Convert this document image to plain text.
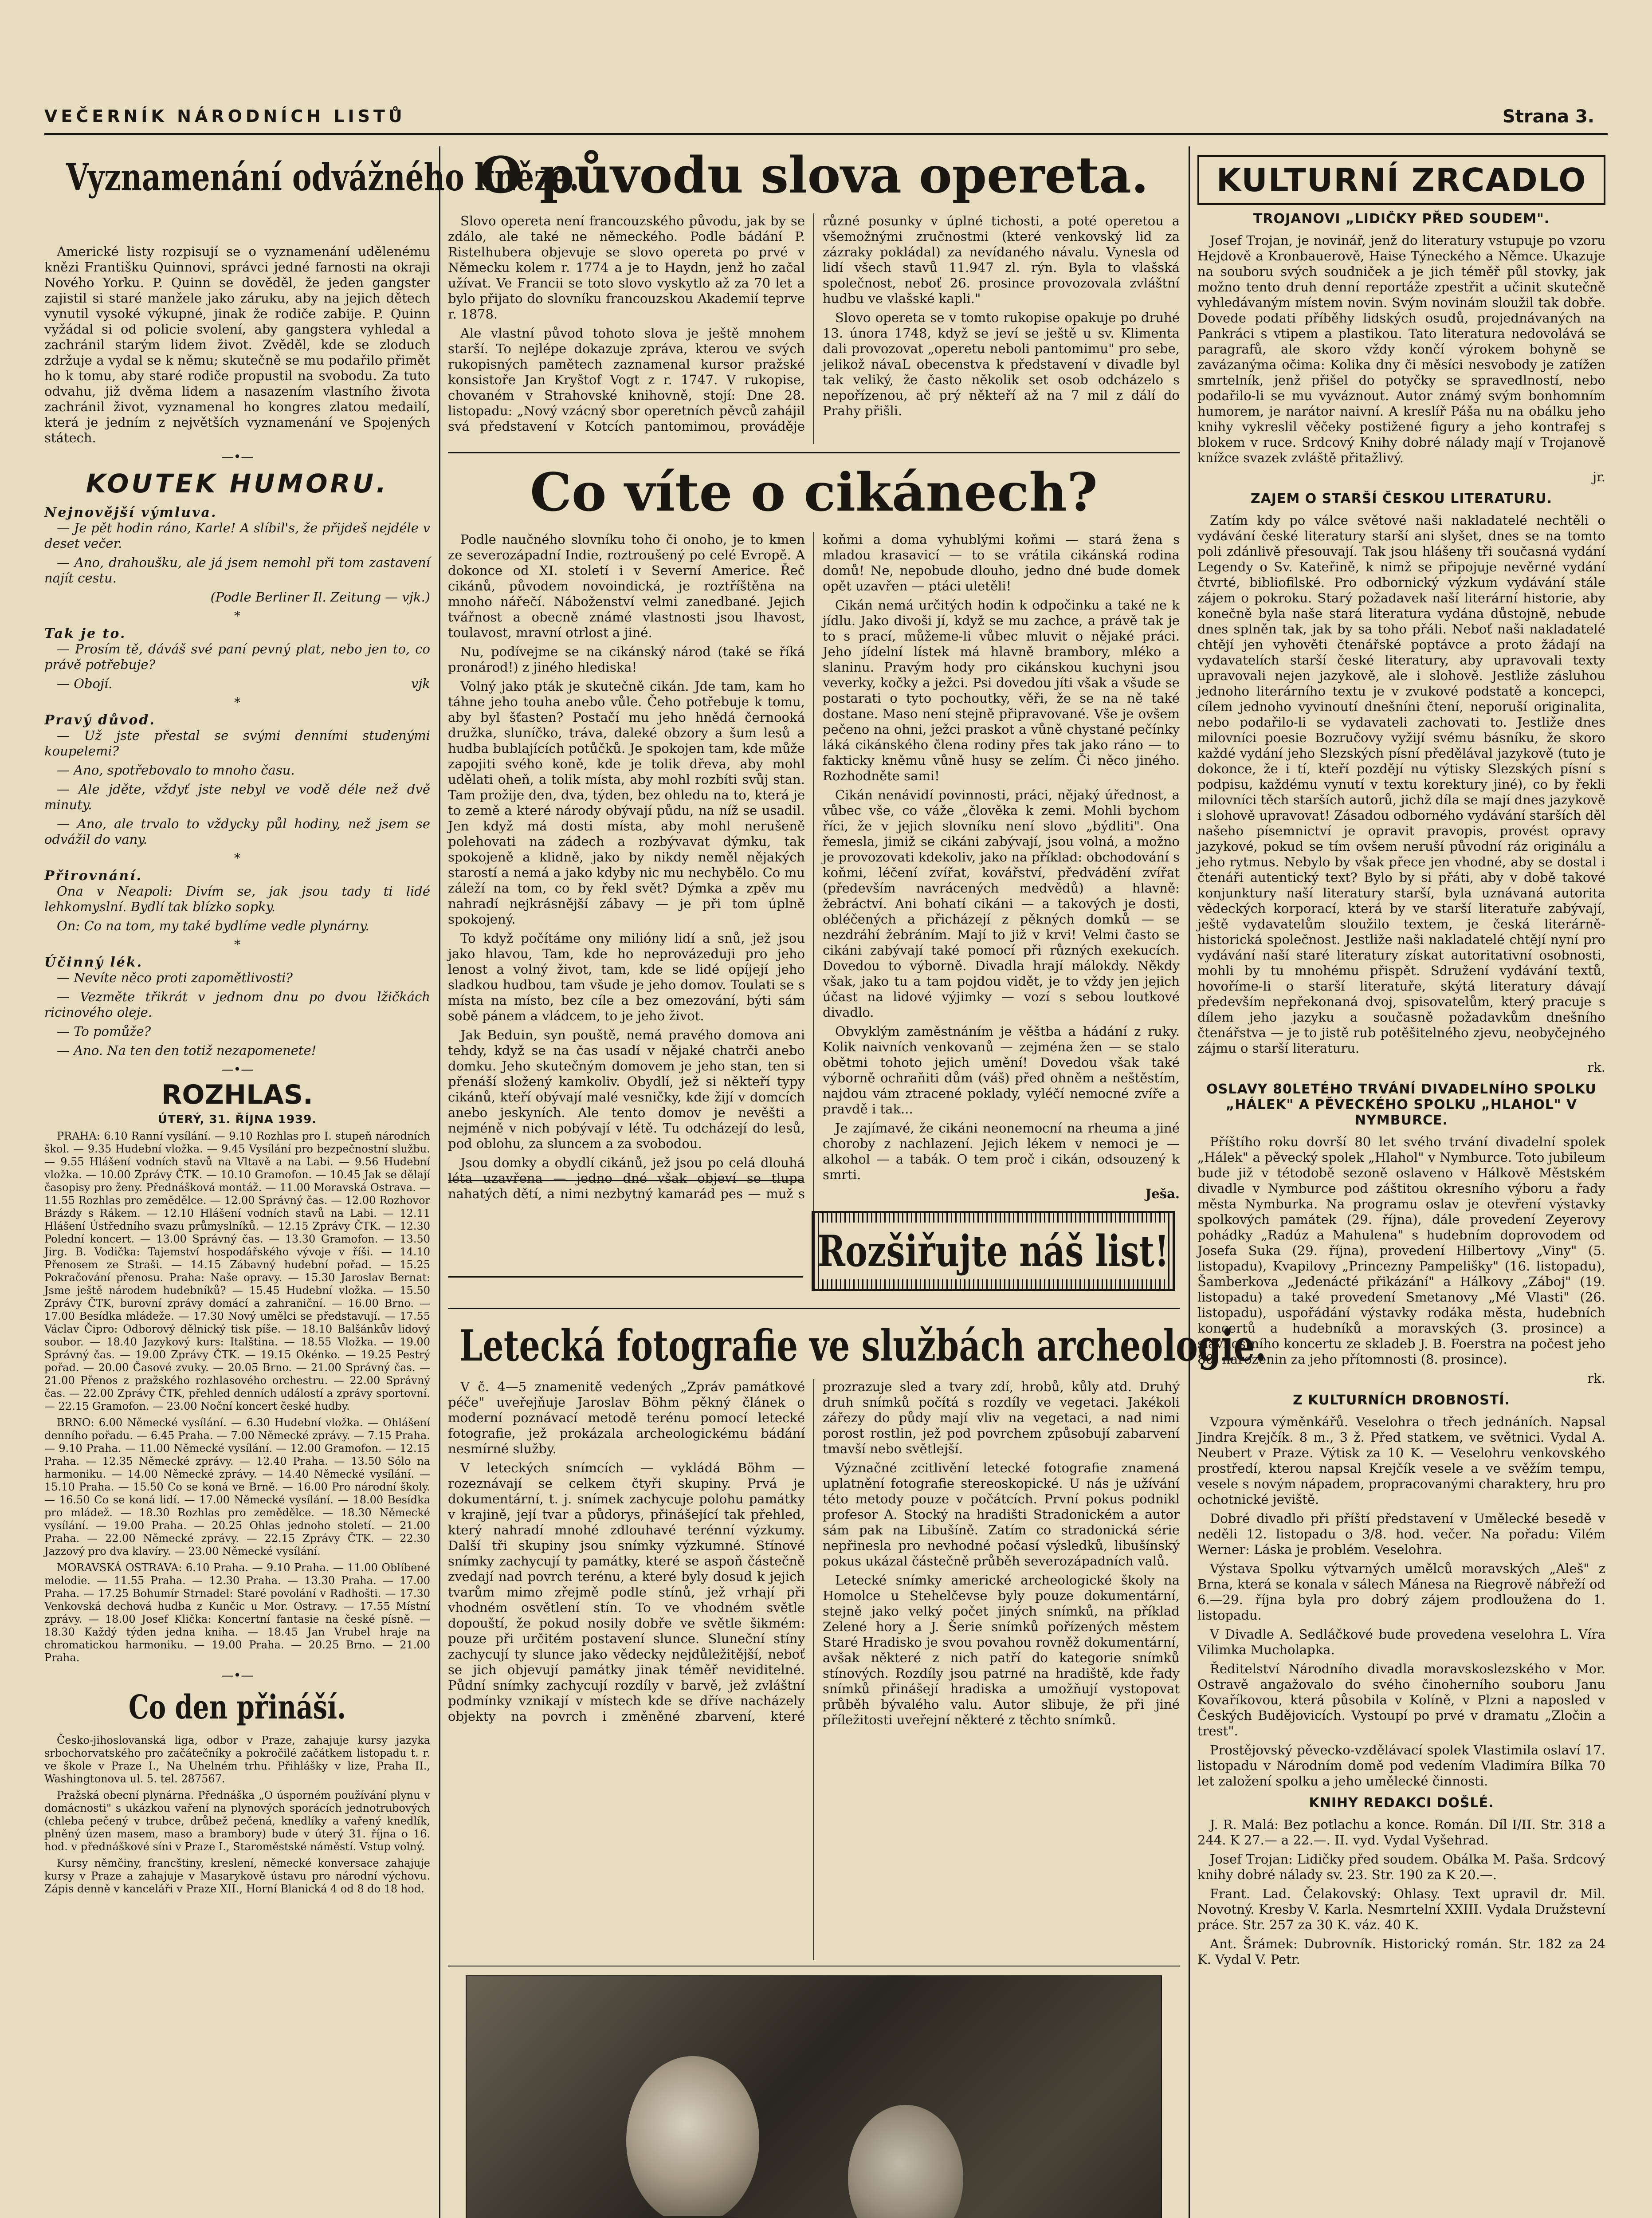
VEČERNÍK NÁRODNÍCH LISTŮ	Strana 3.
Vyznamenání odvážného kněze.

Americké listy rozpisují se o vyznamenání udělenému knězi Františku Quinnovi, správci jedné farnosti na okraji Nového Yorku. P. Quinn se dověděl, že jeden gangster zajistil si staré manžele jako záruku, aby na jejich dětech vynutil vysoké výkupné, jinak že rodiče zabije. P. Quinn vyžádal si od policie svolení, aby gangstera vyhledal a zachránil starým lidem život. Zvěděl, kde se zloduch zdržuje a vydal se k němu; skutečně se mu podařilo přimět ho k tomu, aby staré rodiče propustil na svobodu. Za tuto odvahu, již dvěma lidem a nasazením vlastního života zachránil život, vyznamenal ho kongres zlatou medailí, která je jedním z největších vyznamenání ve Spojených státech.

—•—
KOUTEK HUMORU.
Nejnovější výmluva.

— Je pět hodin ráno, Karle! A slíbil's, že přijdeš nejdéle v deset večer.

— Ano, drahoušku, ale já jsem nemohl při tom zastavení najít cestu.

(Podle Berliner Il. Zeitung — vjk.)

*
Tak je to.

— Prosím tě, dáváš své paní pevný plat, nebo jen to, co právě potřebuje?

— Obojí.	vjk

*
Pravý důvod.

— Už jste přestal se svými denními studenými koupelemi?

— Ano, spotřebovalo to mnoho času.

— Ale jděte, vždyť jste nebyl ve vodě déle než dvě minuty.

— Ano, ale trvalo to vždycky půl hodiny, než jsem se odvážil do vany.

*
Přirovnání.

Ona v Neapoli: Divím se, jak jsou tady ti lidé lehkomyslní. Bydlí tak blízko sopky.

On: Co na tom, my také bydlíme vedle plynárny.

*
Účinný lék.

— Nevíte něco proti zapomětlivosti?

— Vezměte třikrát v jednom dnu po dvou lžičkách ricinového oleje.

— To pomůže?

— Ano. Na ten den totiž nezapomenete!

—•—
ROZHLAS.
ÚTERÝ, 31. ŘÍJNA 1939.

PRAHA: 6.10 Ranní vysílání. — 9.10 Rozhlas pro I. stupeň národních škol. — 9.35 Hudební vložka. — 9.45 Vysílání pro bezpečnostní službu. — 9.55 Hlášení vodních stavů na Vltavě a na Labi. — 9.56 Hudební vložka. — 10.00 Zprávy ČTK. — 10.10 Gramofon. — 10.45 Jak se dělají časopisy pro ženy. Přednášková montáž. — 11.00 Moravská Ostrava. — 11.55 Rozhlas pro zemědělce. — 12.00 Správný čas. — 12.00 Rozhovor Brázdy s Rákem. — 12.10 Hlášení vodních stavů na Labi. — 12.11 Hlášení Ústředního svazu průmyslníků. — 12.15 Zprávy ČTK. — 12.30 Polední koncert. — 13.00 Správný čas. — 13.30 Gramofon. — 13.50 Jirg. B. Vodička: Tajemství hospodářského vývoje v říši. — 14.10 Přenosem ze Straši. — 14.15 Zábavný hudební pořad. — 15.25 Pokračování přenosu. Praha: Naše opravy. — 15.30 Jaroslav Bernat: Jsme ještě národem hudebníků? — 15.45 Hudební vložka. — 15.50 Zprávy ČTK, burovní zprávy domácí a zahraniční. — 16.00 Brno. — 17.00 Besídka mládeže. — 17.30 Nový umělci se představují. — 17.55 Václav Čipro: Odborový dělnický tisk píše. — 18.10 Balšánkův lidový soubor. — 18.40 Jazykový kurs: Italština. — 18.55 Vložka. — 19.00 Správný čas. — 19.00 Zprávy ČTK. — 19.15 Okénko. — 19.25 Pestrý pořad. — 20.00 Časové zvuky. — 20.05 Brno. — 21.00 Správný čas. — 21.00 Přenos z pražského rozhlasového orchestru. — 22.00 Správný čas. — 22.00 Zprávy ČTK, přehled denních událostí a zprávy sportovní. — 22.15 Gramofon. — 23.00 Noční koncert české hudby.

BRNO: 6.00 Německé vysílání. — 6.30 Hudební vložka. — Ohlášení denního pořadu. — 6.45 Praha. — 7.00 Německé zprávy. — 7.15 Praha. — 9.10 Praha. — 11.00 Německé vysílání. — 12.00 Gramofon. — 12.15 Praha. — 12.35 Německé zprávy. — 12.40 Praha. — 13.50 Sólo na harmoniku. — 14.00 Německé zprávy. — 14.40 Německé vysílání. — 15.10 Praha. — 15.50 Co se koná ve Brně. — 16.00 Pro národní školy. — 16.50 Co se koná lidí. — 17.00 Německé vysílání. — 18.00 Besídka pro mládež. — 18.30 Rozhlas pro zemědělce. — 18.30 Německé vysílání. — 19.00 Praha. — 20.25 Ohlas jednoho století. — 21.00 Praha. — 22.00 Německé zprávy. — 22.15 Zprávy ČTK. — 22.30 Jazzový pro dva klavíry. — 23.00 Německé vysílání.

MORAVSKÁ OSTRAVA: 6.10 Praha. — 9.10 Praha. — 11.00 Oblíbené melodie. — 11.55 Praha. — 12.30 Praha. — 13.30 Praha. — 17.00 Praha. — 17.25 Bohumír Strnadel: Staré povolání v Radhošti. — 17.30 Venkovská dechová hudba z Kunčic u Mor. Ostravy. — 17.55 Místní zprávy. — 18.00 Josef Klička: Koncertní fantasie na české písně. — 18.30 Každý týden jedna kniha. — 18.45 Jan Vrubel hraje na chromatickou harmoniku. — 19.00 Praha. — 20.25 Brno. — 21.00 Praha.

—•—
Co den přináší.

Česko-jihoslovanská liga, odbor v Praze, zahajuje kursy jazyka srbochorvatského pro začátečníky a pokročilé začátkem listopadu t. r. ve škole v Praze I., Na Uhelném trhu. Přihlášky v lize, Praha II., Washingtonova ul. 5. tel. 287567.

Pražská obecní plynárna. Přednáška „O úsporném používání plynu v domácnosti" s ukázkou vaření na plynových sporácích jednotrubových (chleba pečený v trubce, drůbež pečená, knedlíky a vařený knedlík, plněný úzen masem, maso a brambory) bude v úterý 31. října o 16. hod. v přednáškové síni v Praze I., Staroměstské náměstí. Vstup volný.

Kursy němčiny, francštiny, kreslení, německé konversace zahajuje kursy v Praze a zahajuje v Masarykově ústavu pro národní výchovu. Zápis denně v kanceláři v Praze XII., Horní Blanická 4 od 8 do 18 hod.

O původu slova opereta.

Slovo opereta není francouzského původu, jak by se zdálo, ale také ne německého. Podle bádání P. Ristelhubera objevuje se slovo opereta po prvé v Německu kolem r. 1774 a je to Haydn, jenž ho začal užívat. Ve Francii se toto slovo vyskytlo až za 70 let a bylo přijato do slovníku francouzskou Akademií teprve r. 1878.

Ale vlastní původ tohoto slova je ještě mnohem starší. To nejlépe dokazuje zpráva, kterou ve svých rukopisných pamětech zaznamenal kursor pražské konsistoře Jan Kryštof Vogt z r. 1747. V rukopise, chovaném v Strahovské knihovně, stojí: Dne 28. listopadu: „Nový vzácný sbor operetních pěvců zahájil svá představení v Kotcích pantomimou, prováděje různé posunky v úplné tichosti, a poté operetou a všemožnými zručnostmi (které venkovský lid za zázraky pokládal) za nevídaného návalu. Vynesla od lidí všech stavů 11.947 zl. rýn. Byla to vlašská společnost, neboť 26. prosince provozovala zvláštní hudbu ve vlašské kapli."

Slovo opereta se v tomto rukopise opakuje po druhé 13. února 1748, když se jeví se ještě u sv. Klimenta dali provozovat „operetu neboli pantomimu" pro sebe, jelikož návaL obecenstva k představení v divadle byl tak veliký, že často několik set osob odcházelo s nepořízenou, ač prý někteří až na 7 mil z dálí do Prahy přišli.

Co víte o cikánech?

Podle naučného slovníku toho či onoho, je to kmen ze severozápadní Indie, roztroušený po celé Evropě. A dokonce od XI. století i v Severní Americe. Řeč cikánů, původem novoindická, je roztříštěna na mnoho nářečí. Náboženství velmi zanedbané. Jejich tvářnost a obecně známé vlastnosti jsou lhavost, toulavost, mravní otrlost a jiné.

Nu, podívejme se na cikánský národ (také se říká pronárod!) z jiného hlediska!

Volný jako pták je skutečně cikán. Jde tam, kam ho táhne jeho touha anebo vůle. Čeho potřebuje k tomu, aby byl šťasten? Postačí mu jeho hnědá černooká družka, sluníčko, tráva, daleké obzory a šum lesů a hudba bublajících potůčků. Je spokojen tam, kde může zapojiti svého koně, kde je tolik dřeva, aby mohl udělati oheň, a tolik místa, aby mohl rozbíti svůj stan. Tam prožije den, dva, týden, bez ohledu na to, která je to země a které národy obývají půdu, na níž se usadil. Jen když má dosti místa, aby mohl nerušeně polehovati na zádech a rozbývavat dýmku, tak spokojeně a klidně, jako by nikdy neměl nějakých starostí a nemá a jako kdyby nic mu nechybělo. Co mu záleží na tom, co by řekl svět? Dýmka a zpěv mu nahradí nejkrásnější zábavy — je při tom úplně spokojený.

To když počítáme ony milióny lidí a snů, jež jsou jako hlavou, Tam, kde ho neprovázeduji pro jeho lenost a volný život, tam, kde se lidé opíjejí jeho sladkou hudbou, tam všude je jeho domov. Toulati se s místa na místo, bez cíle a bez omezování, býti sám sobě pánem a vládcem, to je jeho život.

Jak Beduin, syn pouště, nemá pravého domova ani tehdy, když se na čas usadí v nějaké chatrči anebo domku. Jeho skutečným domovem je jeho stan, ten si přenáší složený kamkoliv. Obydlí, jež si někteří typy cikánů, kteří obývají malé vesničky, kde žijí v domcích anebo jeskyních. Ale tento domov je nevěšti a nejméně v nich pobývají v létě. Tu odcházejí do lesů, pod oblohu, za sluncem a za svobodou.

Jsou domky a obydlí cikánů, jež jsou po celá dlouhá léta uzavřena — jedno dné však objeví se tlupa nahatých dětí, a nimi nezbytný kamarád pes — muž s koňmi a doma vyhublými koňmi — stará žena s mladou krasavicí — to se vrátila cikánská rodina domů! Ne, nepobude dlouho, jedno dné bude domek opět uzavřen — ptáci uletěli!

Cikán nemá určitých hodin k odpočinku a také ne k jídlu. Jako divoši jí, když se mu zachce, a právě tak je to s prací, můžeme-li vůbec mluvit o nějaké práci. Jeho jídelní lístek má hlavně brambory, mléko a slaninu. Pravým hody pro cikánskou kuchyni jsou veverky, kočky a ježci. Psi dovedou jíti však a všude se postarati o tyto pochoutky, věři, že se na ně také dostane. Maso není stejně připravované. Vše je ovšem pečeno na ohni, ježci praskot a vůně chystané pečínky láká cikánského člena rodiny přes tak jako ráno — to fakticky kněmu vůně husy se zelím. Či něco jiného. Rozhodněte sami!

Cikán nenávidí povinnosti, práci, nějaký úřednost, a vůbec vše, co váže „člověka k zemi. Mohli bychom říci, že v jejich slovníku není slovo „býdliti". Ona řemesla, jimiž se cikáni zabývají, jsou volná, a možno je provozovati kdekoliv, jako na příklad: obchodování s koňmi, léčení zvířat, kovářství, předvádění zvířat (především navrácených medvědů) a hlavně: žebráctví. Ani bohatí cikáni — a takových je dosti, obléčených a přicházejí z pěkných domků — se nezdráhí žebráním. Mají to již v krvi! Velmi často se cikáni zabývají také pomocí při různých exekucích. Dovedou to výborně. Divadla hrají málokdy. Někdy však, jako tu a tam pojdou vidět, je to vždy jen jejich účast na lidové výjimky — vozí s sebou loutkové divadlo.

Obvyklým zaměstnáním je věštba a hádání z ruky. Kolik naivních venkovanů — zejména žen — se stalo obětmi tohoto jejich umění! Dovedou však také výborně ochraňiti dům (váš) před ohněm a neštěstím, najdou vám ztracené poklady, vyléčí nemocné zvíře a pravdě i tak...

Je zajímavé, že cikáni neonemocní na rheuma a jiné choroby z nachlazení. Jejich lékem v nemoci je — alkohol — a tabák. O tem proč i cikán, odsouzený k smrti.

Ješa.

Rozšiřujte náš list!
Letecká fotografie ve službách archeologie.

V č. 4—5 znamenitě vedených „Zpráv památkové péče" uveřejňuje Jaroslav Böhm pěkný článek o moderní poznávací metodě terénu pomocí letecké fotografie, jež prokázala archeologickému bádání nesmírné služby.

V leteckých snímcích — vykládá Böhm — rozeznávají se celkem čtyři skupiny. Prvá je dokumentární, t. j. snímek zachycuje polohu památky v krajině, její tvar a půdorys, přinášející tak přehled, který nahradí mnohé zdlouhavé terénní výzkumy. Další tři skupiny jsou snímky výzkumné. Stínové snímky zachycují ty památky, které se aspoň částečně zvedají nad povrch terénu, a které byly dosud k jejich tvarům mimo zřejmě podle stínů, jež vrhají při vhodném osvětlení stín. To ve vhodném světle dopouští, že pokud nosily dobře ve světle šikmém: pouze při určitém postavení slunce. Sluneční stíny zachycují ty slunce jako vědecky nejdůležitější, neboť se jich objevují památky jinak téměř neviditelné. Půdní snímky zachycují rozdíly v barvě, jež zvláštní podmínky vznikají v místech kde se dříve nacházely objekty na povrch i změněné zbarvení, které prozrazuje sled a tvary zdí, hrobů, kůly atd. Druhý druh snímků počítá s rozdíly ve vegetaci. Jakékoli zářezy do půdy mají vliv na vegetaci, a nad nimi porost rostlin, jež pod povrchem způsobují zabarvení tmavší nebo světlejší.

Význačné zcitlivění letecké fotografie znamená uplatnění fotografie stereoskopické. U nás je užívání této metody pouze v počátcích. První pokus podnikl profesor A. Stocký na hradišti Stradonickém a autor sám pak na Libušíně. Zatím co stradonická série nepřinesla pro nevhodné počasí výsledků, libušínský pokus ukázal částečně průběh severozápadních valů.

Letecké snímky americké archeologické školy na Homolce u Stehelčevse byly pouze dokumentární, stejně jako velký počet jiných snímků, na příklad Zelené hory a J. Šerie snímků pořízených městem Staré Hradisko je svou povahou rovněž dokumentární, avšak některé z nich patří do kategorie snímků stínových. Rozdíly jsou patrné na hradiště, kde řady snímků přinášejí hradiska a umožňují vystopovat průběh bývalého valu. Autor slibuje, že při jiné příležitosti uveřejní některé z těchto snímků.

KULTURNÍ ZRCADLO
TROJANOVI „LIDIČKY PŘED SOUDEM".

Josef Trojan, je novinář, jenž do literatury vstupuje po vzoru Hejdově a Kronbauerově, Haise Týneckého a Němce. Ukazuje na souboru svých soudniček a je jich téměř půl stovky, jak možno tento druh denní reportáže zpestřit a učinit skutečně vyhledávaným místem novin. Svým novinám sloužil tak dobře. Dovede podati příběhy lidských osudů, projednávaných na Pankráci s vtipem a plastikou. Tato literatura nedovolává se paragrafů, ale skoro vždy končí výrokem bohyně se zavázanýma očima: Kolika dny či měsíci nesvobody je zatížen smrtelník, jenž přišel do potyčky se spravedlností, nebo podařilo-li se mu vyváznout. Autor známý svým bonhomním humorem, je narátor naivní. A kreslíř Páša nu na obálku jeho knihy vykreslil věčeky postižené figury a jeho kontrafej s blokem v ruce. Srdcový Knihy dobré nálady mají v Trojanově knížce svazek zvláště přitažlivý.

jr.

ZAJEM O STARŠÍ ČESKOU LITERATURU.

Zatím kdy po válce světové naši nakladatelé nechtěli o vydávání české literatury starší ani slyšet, dnes se na tomto poli zdánlivě přesouvají. Tak jsou hlášeny tři současná vydání Legendy o Sv. Kateřině, k nimž se připojuje nevěrné vydání čtvrté, bibliofilské. Pro odbornický výzkum vydávání stále zájem o pokroku. Starý požadavek naší literární historie, aby konečně byla naše stará literatura vydána důstojně, nebude dnes splněn tak, jak by sa toho přáli. Neboť naši nakladatelé chtějí jen vyhověti čtenářské poptávce a proto žádají na vydavatelích starší české literatury, aby upravovali texty upravovali nejen jazykově, ale i slohově. Jestliže zásluhou jednoho literárního textu je v zvukové podstatě a koncepci, cílem jednoho vyvinoutí dnešníni čtení, neporuší originalita, nebo podařilo-li se vydavateli zachovati to. Jestliže dnes milovníci poesie Bozručovy vyžijí svému básníku, že skoro každé vydání jeho Slezských písní předělával jazykově (tuto je dokonce, že i tí, kteří pozdějí nu výtisky Slezských písní s podpisu, každému vynutí v textu korektury jiné), co by řekli milovníci těch starších autorů, jichž díla se mají dnes jazykově i slohově upravovat! Zásadou odborného vydávání starších děl našeho písemnictví je opravit pravopis, provést opravy jazykové, pokud se tím ovšem neruší původní ráz originálu a jeho rytmus. Nebylo by však přece jen vhodné, aby se dostal i čtenáři autentický text? Bylo by si přáti, aby v době takové konjunktury naší literatury starší, byla uznávaná autorita vědeckých korporací, která by ve starší literatuře zabývají, ještě vydavatelům sloužilo textem, je česká literárně-historická společnost. Jestliže naši nakladatelé chtějí nyní pro vydávání naší staré literatury získat autoritativní osobnosti, mohli by tu mnohému přispět. Sdružení vydávání textů, hovoříme-li o starší literatuře, skýtá literatury dávají především nepřekonaná dvoj, spisovatelům, který pracuje s dílem jeho jazyku a současně požadavkům dnešního čtenářstva — je to jistě rub potěšitelného zjevu, neobyčejného zájmu o starší literaturu.

rk.

OSLAVY 80LETÉHO TRVÁNÍ DIVADELNÍHO SPOLKU „HÁLEK" A PĚVECKÉHO SPOLKU „HLAHOL" V NYMBURCE.

Příštího roku dovrší 80 let svého trvání divadelní spolek „Hálek" a pěvecký spolek „Hlahol" v Nymburce. Toto jubileum bude již v tétodobě sezoně oslaveno v Hálkově Městském divadle v Nymburce pod záštitou okresního výboru a řady města Nymburka. Na programu oslav je otevření výstavky spolkových památek (29. října), dále provedení Zeyerovy pohádky „Radúz a Mahulena" s hudebním doprovodem od Josefa Suka (29. října), provedení Hilbertovy „Viny" (5. listopadu), Kvapilovy „Princezny Pampelišky" (16. listopadu), Šamberkova „Jedenácté přikázání" a Hálkovy „Záboj" (19. listopadu) a také provedení Smetanovy „Mé Vlasti" (26. listopadu), uspořádání výstavky rodáka města, hudebních koncertů a hudebníků a moravských (3. prosince) a slavnostního koncertu ze skladeb J. B. Foerstra na počest jeho 80. narozenin za jeho přítomnosti (8. prosince).

rk.

Z KULTURNÍCH DROBNOSTÍ.

Vzpoura výměnkářů. Veselohra o třech jednáních. Napsal Jindra Krejčík. 8 m., 3 ž. Před statkem, ve světnici. Vydal A. Neubert v Praze. Výtisk za 10 K. — Veselohru venkovského prostředí, kterou napsal Krejčík vesele a ve svěžím tempu, vesele s novým nápadem, propracovanými charaktery, hru pro ochotnické jeviště.

Dobré divadlo při příští představení v Umělecké besedě v neděli 12. listopadu o 3/8. hod. večer. Na pořadu: Vilém Werner: Láska je problém. Veselohra.

Výstava Spolku výtvarných umělců moravských „Aleš" z Brna, která se konala v sálech Mánesa na Riegrově nábřeží od 6.—29. října byla pro dobrý zájem prodloužena do 1. listopadu.

V Divadle A. Sedláčkové bude provedena veselohra L. Víra Vilimka Mucholapka.

Ředitelství Národního divadla moravskoslezského v Mor. Ostravě angažovalo do svého činoherního souboru Janu Kovaříkovou, která působila v Kolíně, v Plzni a naposled v Českých Budějovicích. Vystoupí po prvé v dramatu „Zločin a trest".

Prostějovský pěvecko-vzdělávací spolek Vlastimila oslaví 17. listopadu v Národním domě pod vedením Vladimíra Bílka 70 let založení spolku a jeho umělecké činnosti.

KNIHY REDAKCI DOŠLÉ.

J. R. Malá: Bez potlachu a konce. Román. Díl I/II. Str. 318 a 244. K 27.— a 22.—. II. vyd. Vydal Vyšehrad.

Josef Trojan: Lidičky před soudem. Obálka M. Paša. Srdcový knihy dobré nálady sv. 23. Str. 190 za K 20.—.

Frant. Lad. Čelakovský: Ohlasy. Text upravil dr. Mil. Novotný. Kresby V. Karla. Nesmrtelní XXIII. Vydala Družstevní práce. Str. 257 za 30 K. váz. 40 K.

Ant. Šrámek: Dubrovník. Historický román. Str. 182 za 24 K. Vydal V. Petr.
